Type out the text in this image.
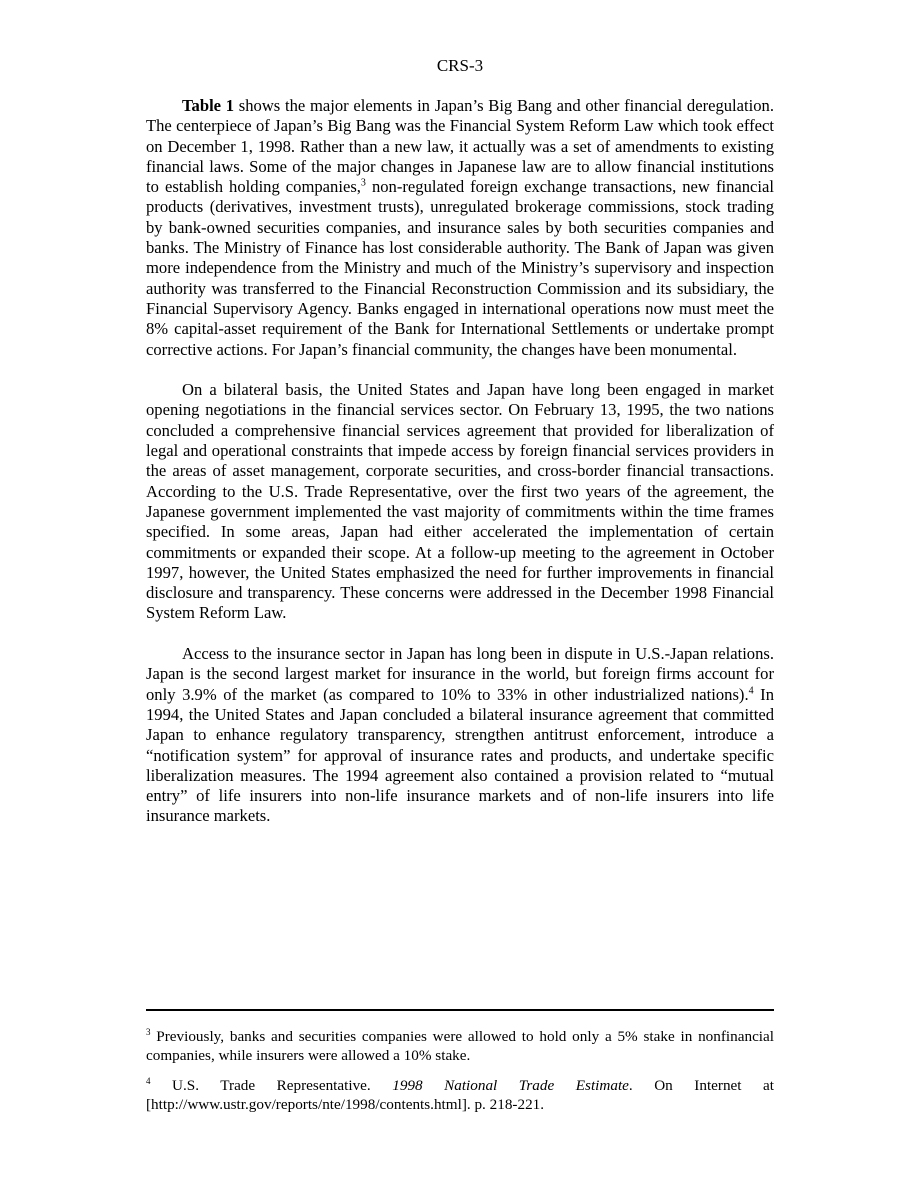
CRS-3

Table 1 shows the major elements in Japan’s Big Bang and other financial deregulation. The centerpiece of Japan’s Big Bang was the Financial System Reform Law which took effect on December 1, 1998. Rather than a new law, it actually was a set of amendments to existing financial laws. Some of the major changes in Japanese law are to allow financial institutions to establish holding companies,$^3$ non-regulated foreign exchange transactions, new financial products (derivatives, investment trusts), unregulated brokerage commissions, stock trading by bank-owned securities companies, and insurance sales by both securities companies and banks. The Ministry of Finance has lost considerable authority. The Bank of Japan was given more independence from the Ministry and much of the Ministry’s supervisory and inspection authority was transferred to the Financial Reconstruction Commission and its subsidiary, the Financial Supervisory Agency. Banks engaged in international operations now must meet the 8% capital-asset requirement of the Bank for International Settlements or undertake prompt corrective actions. For Japan’s financial community, the changes have been monumental.

On a bilateral basis, the United States and Japan have long been engaged in market opening negotiations in the financial services sector. On February 13, 1995, the two nations concluded a comprehensive financial services agreement that provided for liberalization of legal and operational constraints that impede access by foreign financial services providers in the areas of asset management, corporate securities, and cross-border financial transactions. According to the U.S. Trade Representative, over the first two years of the agreement, the Japanese government implemented the vast majority of commitments within the time frames specified. In some areas, Japan had either accelerated the implementation of certain commitments or expanded their scope. At a follow-up meeting to the agreement in October 1997, however, the United States emphasized the need for further improvements in financial disclosure and transparency. These concerns were addressed in the December 1998 Financial System Reform Law.

Access to the insurance sector in Japan has long been in dispute in U.S.-Japan relations. Japan is the second largest market for insurance in the world, but foreign firms account for only 3.9% of the market (as compared to 10% to 33% in other industrialized nations).$^4$ In 1994, the United States and Japan concluded a bilateral insurance agreement that committed Japan to enhance regulatory transparency, strengthen antitrust enforcement, introduce a “notification system” for approval of insurance rates and products, and undertake specific liberalization measures. The 1994 agreement also contained a provision related to “mutual entry” of life insurers into non-life insurance markets and of non-life insurers into life insurance markets.

$^3$ Previously, banks and securities companies were allowed to hold only a 5% stake in nonfinancial companies, while insurers were allowed a 10% stake.

$^4$ U.S. Trade Representative. 1998 National Trade Estimate. On Internet at [http://www.ustr.gov/reports/nte/1998/contents.html]. p. 218-221.
